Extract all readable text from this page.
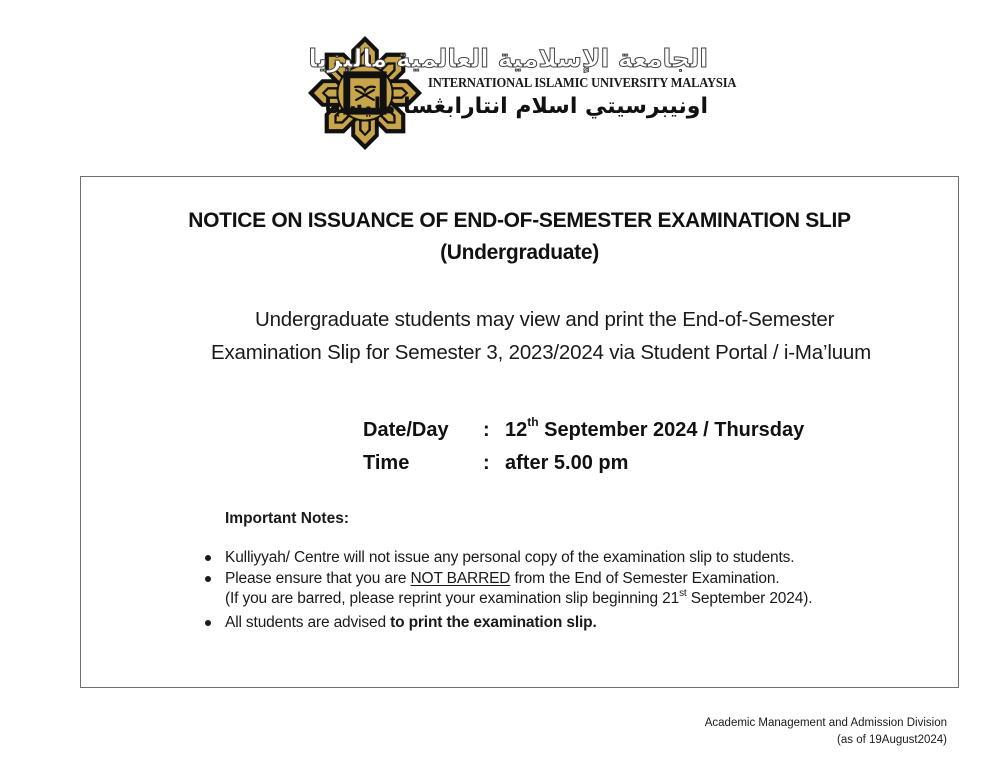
الجامعة الإسلامية العالمية ماليزيا
INTERNATIONAL ISLAMIC UNIVERSITY MALAYSIA
اونيبرسيتي اسلام انتارابڠسا مليسيا
NOTICE ON ISSUANCE OF END-OF-SEMESTER EXAMINATION SLIP
(Undergraduate)
Undergraduate students may view and print the End-of-Semester
Examination Slip for Semester 3, 2023/2024 via Student Portal / i-Ma’luum
Date/Day	: 12th September 2024 / Thursday
Time	: after 5.00 pm
Important Notes:
Kulliyyah/ Centre will not issue any personal copy of the examination slip to students.
Please ensure that you are NOT BARRED from the End of Semester Examination.
(If you are barred, please reprint your examination slip beginning 21st September 2024).
All students are advised to print the examination slip.
Academic Management and Admission Division
(as of 19August2024)
